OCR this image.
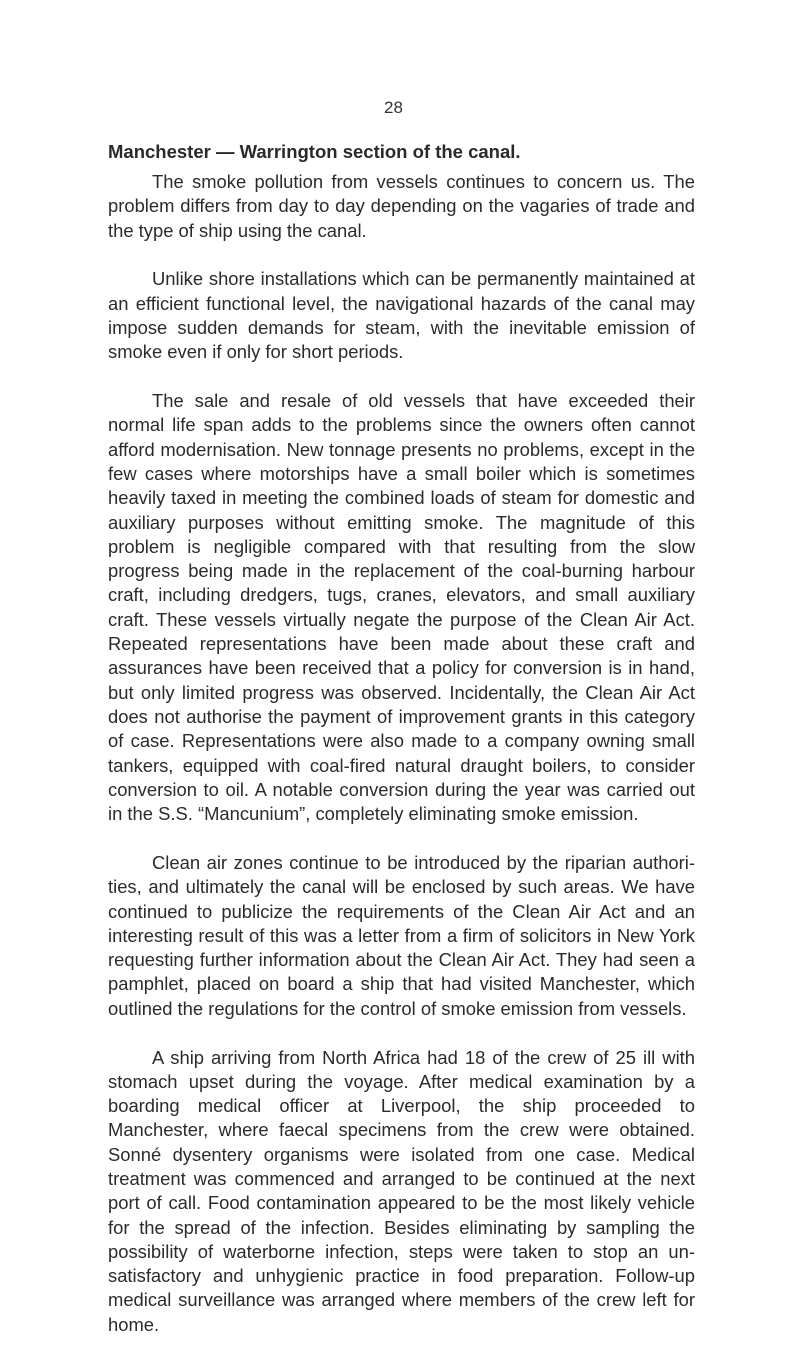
28
Manchester — Warrington section of the canal.

The smoke pollution from vessels continues to concern us. The problem differs from day to day depending on the vagaries of trade and the type of ship using the canal.

Unlike shore installations which can be permanently maintained at an efficient functional level, the navigational hazards of the canal may impose sudden demands for steam, with the inevitable emission of smoke even if only for short periods.

The sale and resale of old vessels that have exceeded their normal life span adds to the problems since the owners often cannot afford modernisation. New tonnage presents no problems, except in the few cases where motorships have a small boiler which is sometimes heavily taxed in meeting the combined loads of steam for domestic and auxiliary purposes without emitting smoke. The magnitude of this problem is negligible compared with that resulting from the slow progress being made in the replacement of the coal-burning harbour craft, including dredgers, tugs, cranes, elevators, and small auxiliary craft. These vessels virtually negate the purpose of the Clean Air Act. Repeated representations have been made about these craft and assurances have been received that a policy for conversion is in hand, but only limited progress was observed. Incidentally, the Clean Air Act does not authorise the payment of improvement grants in this category of case. Representations were also made to a company owning small tankers, equipped with coal-fired natural draught boilers, to consider conversion to oil. A notable conversion during the year was carried out in the S.S. “Mancunium”, completely eliminating smoke emission.

Clean air zones continue to be introduced by the riparian authorities, and ultimately the canal will be enclosed by such areas. We have continued to publicize the requirements of the Clean Air Act and an interesting result of this was a letter from a firm of solicitors in New York requesting further information about the Clean Air Act. They had seen a pamphlet, placed on board a ship that had visited Manchester, which outlined the regulations for the control of smoke emission from vessels.

A ship arriving from North Africa had 18 of the crew of 25 ill with stomach upset during the voyage. After medical examination by a boarding medical officer at Liverpool, the ship proceeded to Manchester, where faecal specimens from the crew were obtained. Sonné dysentery organisms were isolated from one case. Medical treatment was commenced and arranged to be continued at the next port of call. Food contamination appeared to be the most likely vehicle for the spread of the infection. Besides eliminating by sampling the possibility of waterborne infection, steps were taken to stop an unsatisfactory and unhygienic practice in food preparation. Follow-up medical surveillance was arranged where members of the crew left for home.
